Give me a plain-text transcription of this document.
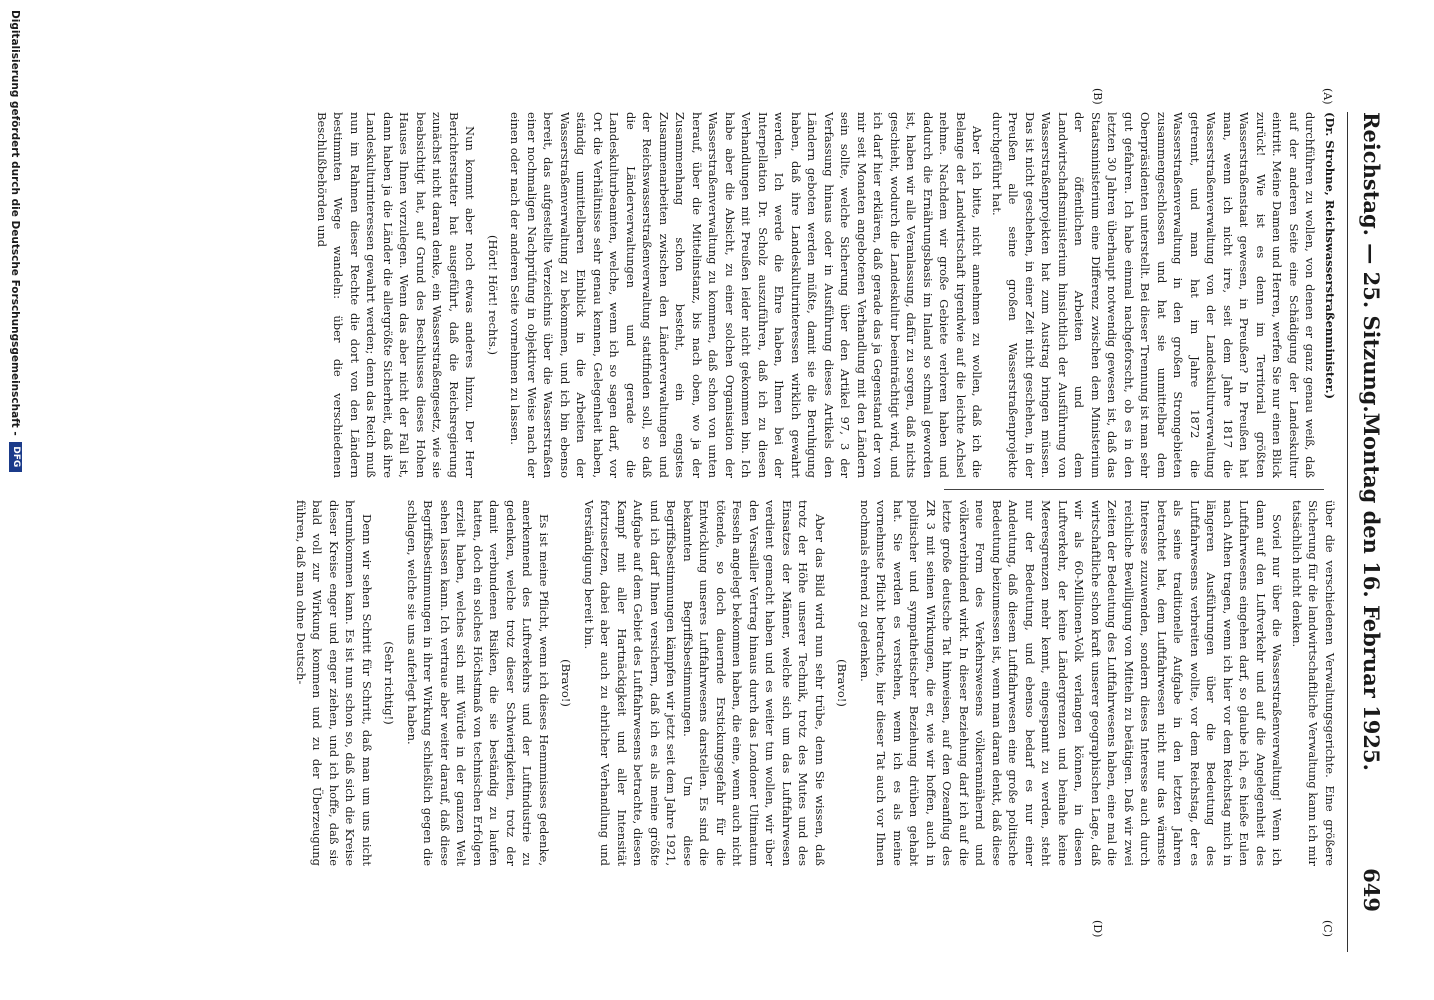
Reichstag. — 25. Sitzung.
Montag den 16. Februar 1925.
649
(A)
(B)
(C)
(D)

(Dr. Strohne, Reichswasserstraßenminister.)

durchführen zu wollen, von denen er ganz genau weiß, daß auf der anderen Seite eine Schädigung der Landeskultur eintritt. Meine Damen und Herren, werfen Sie nur einen Blick zurück! Wie ist es denn im Territorial größten Wasserstraßenstaat gewesen, in Preußen? In Preußen hat man, wenn ich nicht irre, seit dem Jahre 1817 die Wasserstraßenverwaltung von der Landeskulturverwaltung getrennt, und man hat im Jahre 1872 die Wasserstraßenverwaltung in den großen Stromgebieten zusammengeschlossen und hat sie unmittelbar dem Oberpräsidenten unterstellt. Bei dieser Trennung ist man sehr gut gefahren. Ich habe einmal nachgeforscht, ob es in den letzten 30 Jahren überhaupt notwendig gewesen ist, daß das Staatsministerium eine Differenz zwischen dem Ministerium der öffentlichen Arbeiten und dem Landwirtschaftsministerium hinsichtlich der Ausführung von Wasserstraßenprojekten hat zum Austrag bringen müssen. Das ist nicht geschehen, in einer Zeit nicht geschehen, in der Preußen alle seine großen Wasserstraßenprojekte durchgeführt hat.

Aber ich bitte, nicht annehmen zu wollen, daß ich die Belange der Landwirtschaft irgendwie auf die leichte Achsel nehme. Nachdem wir große Gebiete verloren haben und dadurch die Ernährungsbasis im Inland so schmal geworden ist, haben wir alle Veranlassung, dafür zu sorgen, daß nichts geschieht, wodurch die Landeskultur beeinträchtigt wird, und ich darf hier erklären, daß gerade das ja Gegenstand der von mir seit Monaten angebotenen Verhandlung mit den Ländern sein sollte, welche Sicherung über den Artikel 97, 3 der Verfassung hinaus oder in Ausführung dieses Artikels den Ländern geboten werden müßte, damit sie die Beruhigung haben, daß ihre Landeskulturinteressen wirklich gewahrt werden. Ich werde die Ehre haben, Ihnen bei der Interpellation Dr. Scholz auszuführen, daß ich zu diesen Verhandlungen mit Preußen leider nicht gekommen bin. Ich habe aber die Absicht, zu einer solchen Organisation der Wasserstraßenverwaltung zu kommen, daß schon von unten herauf, über die Mittelinstanz, bis nach oben, wo ja der Zusammenhang schon besteht, ein engstes Zusammenarbeiten zwischen den Länderverwaltungen und der Reichswasserstraßenverwaltung stattfinden soll, so daß die Länderverwaltungen und gerade die Landeskulturbeamten, welche, wenn ich so sagen darf, vor Ort die Verhältnisse sehr genau kennen, Gelegenheit haben, ständig unmittelbaren Einblick in die Arbeiten der Wasserstraßenverwaltung zu bekommen, und ich bin ebenso bereit, das aufgestellte Verzeichnis über die Wasserstraßen einer nochmaligen Nachprüfung in objektiver Weise nach der einen oder nach der anderen Seite vornehmen zu lassen.

(Hört! Hört! rechts.)

Nun kommt aber noch etwas anderes hinzu. Der Herr Berichterstatter hat ausgeführt, daß die Reichsregierung zunächst nicht daran denke, ein Wasserstraßengesetz, wie sie beabsichtigt hat, auf Grund des Beschlusses dieses Hohen Hauses Ihnen vorzulegen. Wenn das aber nicht der Fall ist, dann haben ja die Länder die allergrößte Sicherheit, daß ihre Landeskulturinteressen gewahrt werden; denn das Reich muß nun im Rahmen dieser Rechte die dort von den Ländern bestimmten Wege wandeln: über die verschiedenen Beschlußbehörden und

über die verschiedenen Verwaltungsgerichte. Eine größere Sicherung für die landwirtschaftliche Verwaltung kann ich mir tatsächlich nicht denken.

Soviel nur über die Wasserstraßenverwaltung! Wenn ich dann auf den Luftverkehr und auf die Angelegenheit des Luftfahrwesens eingehen darf, so glaube ich, es hieße Eulen nach Athen tragen, wenn ich hier vor dem Reichstag mich in längeren Ausführungen über die Bedeutung des Luftfahrwesens verbreiten wollte, vor dem Reichstag, der es als seine traditionelle Aufgabe in den letzten Jahren betrachtet hat, dem Luftfahrwesen nicht nur das wärmste Interesse zuzuwenden, sondern dieses Interesse auch durch reichliche Bewilligung von Mitteln zu betätigen. Daß wir zwei Zeiten der Bedeutung des Luftfahrwesens haben, eine mal die wirtschaftliche schon kraft unserer geographischen Lage, daß wir als 60-Millionen-Volk verlangen können, in diesen Luftverkehr, der keine Ländergrenzen und beinahe keine Meeresgrenzen mehr kennt, eingespannt zu werden, steht nur der Bedeutung, und ebenso bedarf es nur einer Andeutung, daß diesem Luftfahrwesen eine große politische Bedeutung beizumessen ist, wenn man daran denkt, daß diese neue Form des Verkehrswesens völkerannähernd und völkerverbindend wirkt. In dieser Beziehung darf ich auf die letzte große deutsche Tat hinweisen, auf den Ozeanflug des ZR 3 mit seinen Wirkungen, die er, wie wir hoffen, auch in politischer und sympathetischer Beziehung drüben gehabt hat. Sie werden es verstehen, wenn ich es als meine vornehmste Pflicht betrachte, hier dieser Tat auch vor Ihnen nochmals ehrend zu gedenken.

(Bravo!)

Aber das Bild wird nun sehr trübe, denn Sie wissen, daß trotz der Höhe unserer Technik, trotz des Mutes und des Einsatzes der Männer, welche sich um das Luftfahrwesen verdient gemacht haben und es weiter tun wollen, wir über den Versailler Vertrag hinaus durch das Londoner Ultimatum Fesseln angelegt bekommen haben, die eine, wenn auch nicht tötende, so doch dauernde Erstickungsgefahr für die Entwicklung unseres Luftfahrwesens darstellen. Es sind die bekannten Begriffsbestimmungen. Um diese Begriffsbestimmungen kämpfen wir jetzt seit dem Jahre 1921, und ich darf Ihnen versichern, daß ich es als meine größte Aufgabe auf dem Gebiet des Luftfahrwesens betrachte, diesen Kampf mit aller Hartnäckigkeit und aller Intensität fortzusetzen, dabei aber auch zu ehrlicher Verhandlung und Verständigung bereit bin.

(Bravo!)

Es ist meine Pflicht, wenn ich dieses Hemmnisses gedenke, anerkennend des Luftverkehrs und der Luftindustrie zu gedenken, welche trotz dieser Schwierigkeiten, trotz der damit verbundenen Risiken, die sie beständig zu laufen hatten, doch ein solches Höchstmaß von technischen Erfolgen erzielt haben, welches sich mit Würde in der ganzen Welt sehen lassen kann. Ich vertraue aber weiter darauf, daß diese Begriffsbestimmungen in ihrer Wirkung schließlich gegen die schlagen, welche sie uns auferlegt haben.

(Sehr richtig!)

Denn wir sehen Schritt für Schritt, daß man um uns nicht herumkommen kann. Es ist nun schon so, daß sich die Kreise dieser Kreise enger und enger ziehen, und ich hoffe, daß sie bald voll zur Wirkung kommen und zu der Überzeugung führen, daß man ohne Deutsch-

Digitalisierung gefördert durch die Deutsche Forschungsgemeinschaft -
DFG
